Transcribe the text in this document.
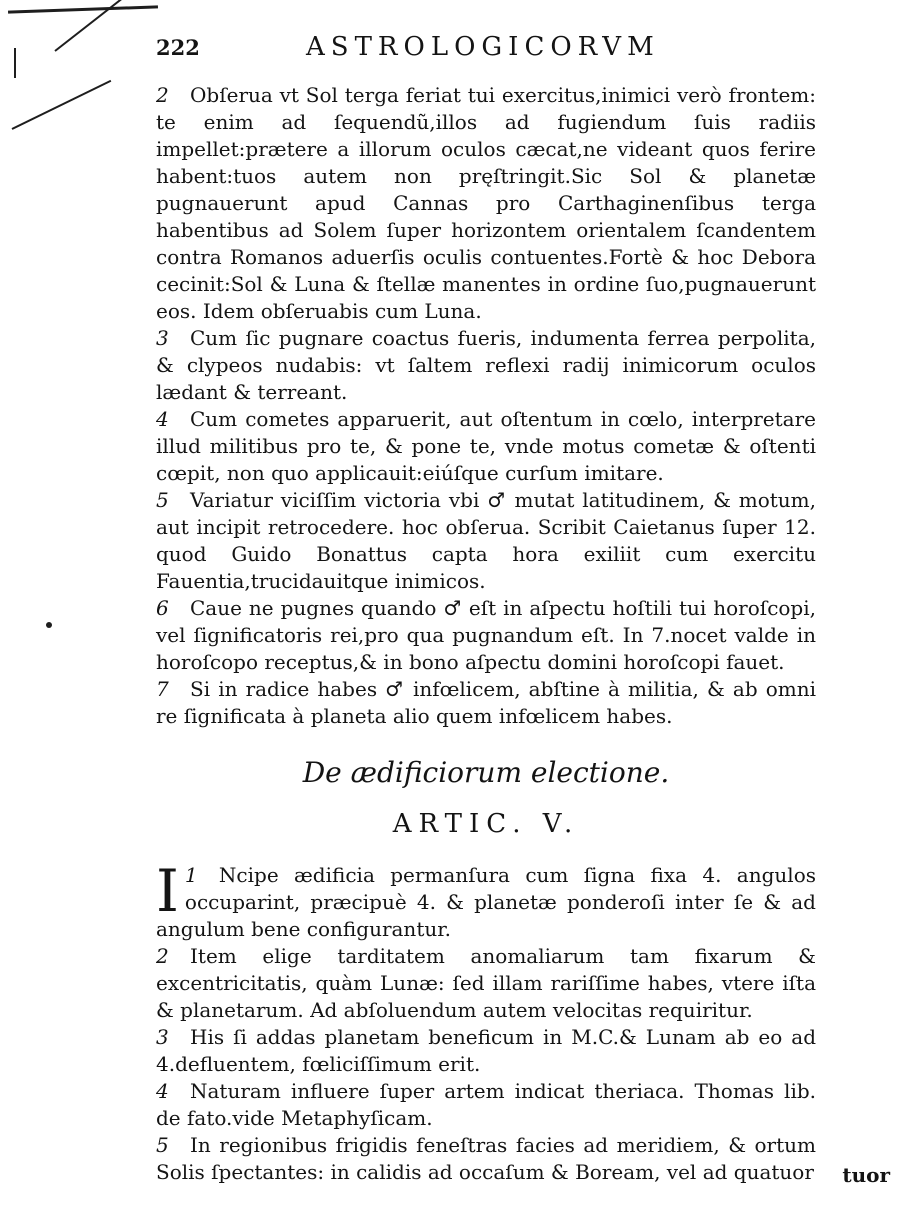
222	ASTROLOGICORVM

2 Obſerua vt Sol terga feriat tui exercitus,inimici verò frontem: te enim ad ſequendũ,illos ad fugiendum ſuis radiis impellet:prætere a illorum oculos cæcat,ne videant quos ferire habent:tuos autem non pręſtringit.Sic Sol & planetæ pugnauerunt apud Cannas pro Carthaginenſibus terga habentibus ad Solem ſuper horizontem orientalem ſcandentem contra Romanos aduerſis oculis contuentes.Fortè & hoc Debora cecinit:Sol & Luna & ſtellæ manentes in ordine ſuo,pugnauerunt eos. Idem obſeruabis cum Luna.

3 Cum ſic pugnare coactus fueris, indumenta ferrea perpolita, & clypeos nudabis: vt ſaltem reflexi radij inimicorum oculos lædant & terreant.

4 Cum cometes apparuerit, aut oſtentum in cœlo, interpretare illud militibus pro te, & pone te, vnde motus cometæ & oſtenti cœpit, non quo applicauit:eiúſque curſum imitare.

5 Variatur viciſſim victoria vbi ♂ mutat latitudinem, & motum, aut incipit retrocedere. hoc obſerua. Scribit Caietanus ſuper 12. quod Guido Bonattus capta hora exiliit cum exercitu Fauentia,trucidauitque inimicos.

6 Caue ne pugnes quando ♂ eſt in aſpectu hoſtili tui horoſcopi, vel ſignificatoris rei,pro qua pugnandum eſt. In 7.nocet valde in horoſcopo receptus,& in bono aſpectu domini horoſcopi fauet.

7 Si in radice habes ♂ infœlicem, abſtine à militia, & ab omni re ſignificata à planeta alio quem infœlicem habes.

De ædificiorum electione.
ARTIC. V.

1
I Ncipe ædificia permanſura cum ſigna fixa 4. angulos occuparint, præcipuè 4. & planetæ ponderoſi inter ſe & ad angulum bene configurantur.

2 Item elige tarditatem anomaliarum tam fixarum & excentricitatis, quàm Lunæ: ſed illam rariſſime habes, vtere iſta & planetarum. Ad abſoluendum autem velocitas requiritur.

3 His ſi addas planetam beneficum in M.C.& Lunam ab eo ad 4.defluentem, fœliciſſimum erit.

4 Naturam influere ſuper artem indicat theriaca. Thomas lib. de fato.vide Metaphyſicam.

5 In regionibus frigidis feneſtras facies ad meridiem, & ortum Solis ſpectantes: in calidis ad occaſum & Boream, vel ad quatuor tuor
